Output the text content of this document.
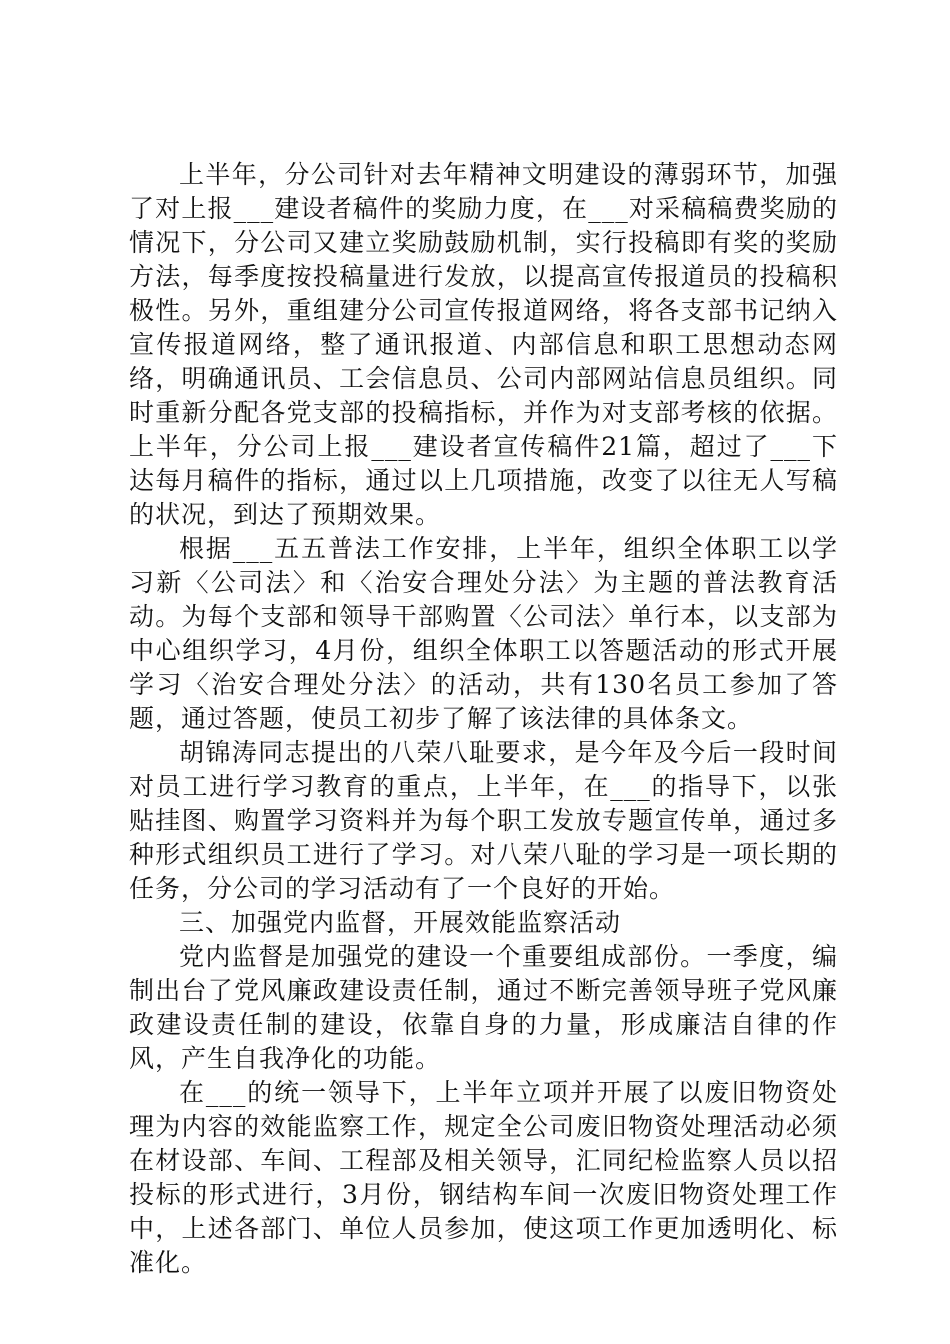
上半年，分公司针对去年精神文明建设的薄弱环节，加强了对上报___建设者稿件的奖励力度，在___对采稿稿费奖励的情况下，分公司又建立奖励鼓励机制，实行投稿即有奖的奖励方法，每季度按投稿量进行发放，以提高宣传报道员的投稿积极性。另外，重组建分公司宣传报道网络，将各支部书记纳入宣传报道网络，整了通讯报道、内部信息和职工思想动态网络，明确通讯员、工会信息员、公司内部网站信息员组织。同时重新分配各党支部的投稿指标，并作为对支部考核的依据。上半年，分公司上报___建设者宣传稿件21篇，超过了___下达每月稿件的指标，通过以上几项措施，改变了以往无人写稿的状况，到达了预期效果。

根据___五五普法工作安排，上半年，组织全体职工以学习新〈公司法〉和〈治安合理处分法〉为主题的普法教育活动。为每个支部和领导干部购置〈公司法〉单行本，以支部为中心组织学习，4月份，组织全体职工以答题活动的形式开展学习〈治安合理处分法〉的活动，共有130名员工参加了答题，通过答题，使员工初步了解了该法律的具体条文。

胡锦涛同志提出的八荣八耻要求，是今年及今后一段时间对员工进行学习教育的重点，上半年，在___的指导下，以张贴挂图、购置学习资料并为每个职工发放专题宣传单，通过多种形式组织员工进行了学习。对八荣八耻的学习是一项长期的任务，分公司的学习活动有了一个良好的开始。

三、加强党内监督，开展效能监察活动

党内监督是加强党的建设一个重要组成部份。一季度，编制出台了党风廉政建设责任制，通过不断完善领导班子党风廉政建设责任制的建设，依靠自身的力量，形成廉洁自律的作风，产生自我净化的功能。

在___的统一领导下，上半年立项并开展了以废旧物资处理为内容的效能监察工作，规定全公司废旧物资处理活动必须在材设部、车间、工程部及相关领导，汇同纪检监察人员以招投标的形式进行，3月份，钢结构车间一次废旧物资处理工作中，上述各部门、单位人员参加，使这项工作更加透明化、标准化。
